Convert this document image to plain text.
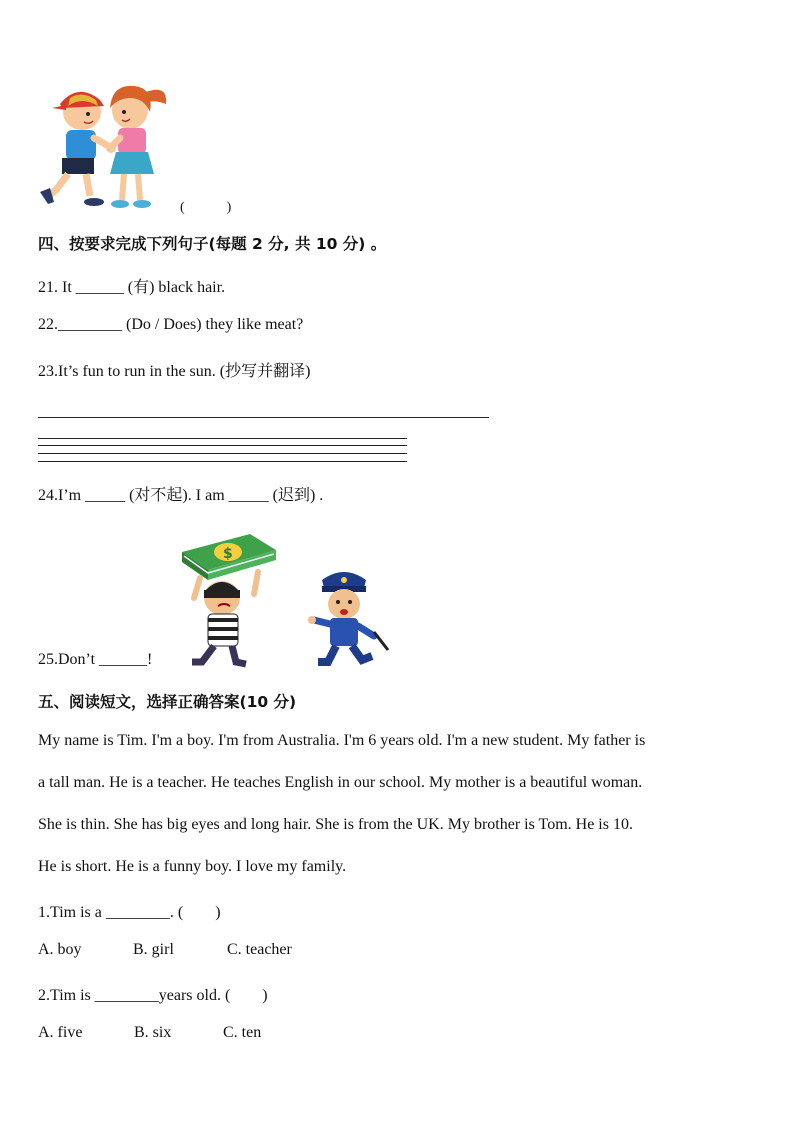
(　　　)
四、按要求完成下列句子(每题 2 分, 共 10 分) 。
21. It ______ (有) black hair.
22.________ (Do / Does) they like meat?
23.It’s fun to run in the sun. (抄写并翻译)
24.I’m _____ (对不起). I am _____ (迟到) .
$
25.Don’t ______!
五、阅读短文，选择正确答案(10 分)
My name is Tim. I'm a boy. I'm from Australia. I'm 6 years old. I'm a new student. My father is
a tall man. He is a teacher. He teaches English in our school. My mother is a beautiful woman.
She is thin. She has big eyes and long hair. She is from the UK. My brother is Tom. He is 10.
He is short. He is a funny boy. I love my family.
1.Tim is a ________. (　　)
A. boy	B. girl	C. teacher
2.Tim is ________years old. (　　)
A. five	B. six	C. ten
